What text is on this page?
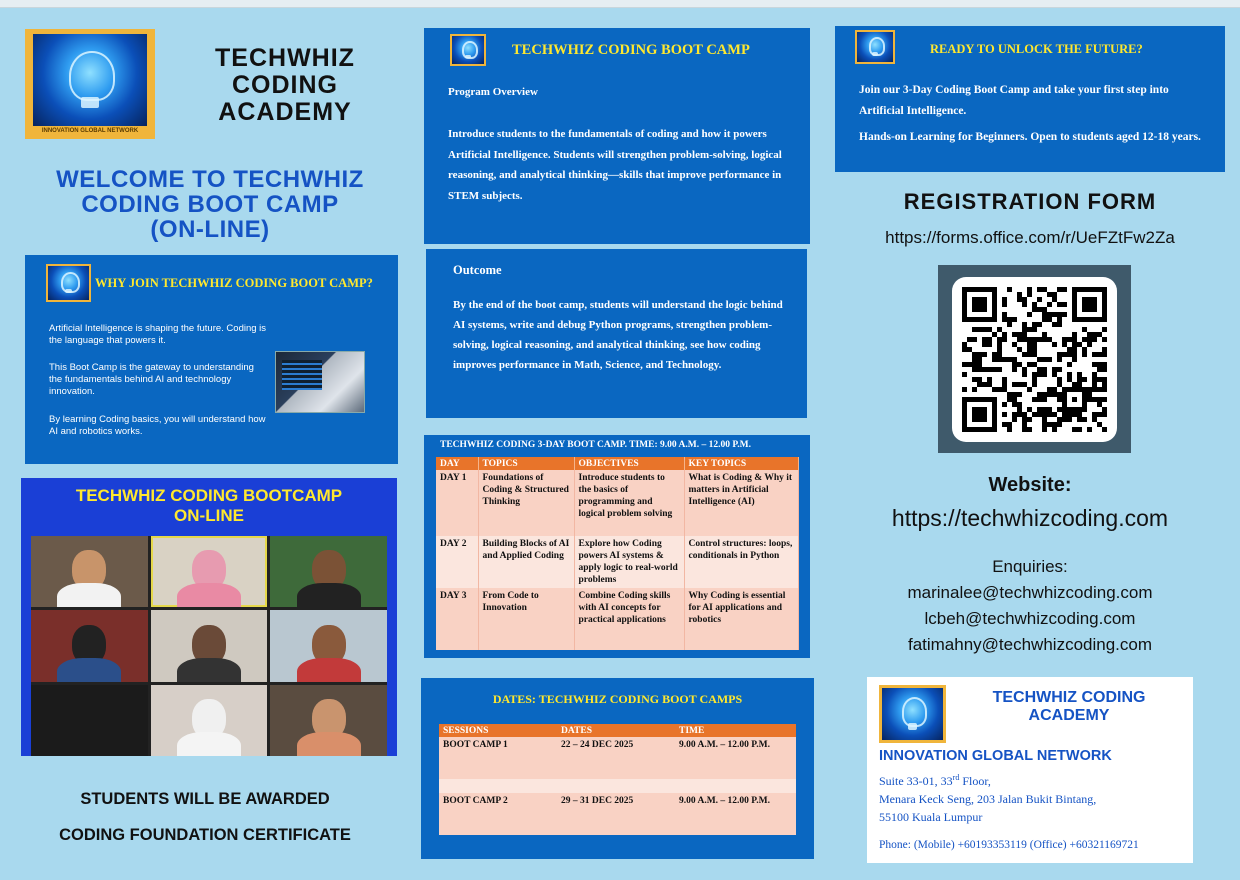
INNOVATION GLOBAL NETWORK
TECHWHIZ
CODING
ACADEMY
WELCOME TO TECHWHIZ
CODING BOOT CAMP
(ON-LINE)
WHY JOIN TECHWHIZ CODING BOOT CAMP?
Artificial Intelligence is shaping the future. Coding is the language that powers it.
This Boot Camp is the gateway to understanding the fundamentals behind AI and technology innovation.
By learning Coding basics, you will understand how AI and robotics works.
TECHWHIZ CODING BOOTCAMP
ON-LINE
STUDENTS WILL BE AWARDED
CODING FOUNDATION CERTIFICATE
TECHWHIZ CODING BOOT CAMP
Program Overview
Introduce students to the fundamentals of coding and how it powers Artificial Intelligence. Students will strengthen problem-solving, logical reasoning, and analytical thinking—skills that improve performance in STEM subjects.
Outcome
By the end of the boot camp, students will understand the logic behind AI systems, write and debug Python programs, strengthen problem-solving, logical reasoning, and analytical thinking, see how coding improves performance in Math, Science, and Technology.
TECHWHIZ CODING 3-DAY BOOT CAMP. TIME: 9.00 A.M. – 12.00 P.M.
DAY	TOPICS	OBJECTIVES	KEY TOPICS
DAY 1	Foundations of Coding & Structured Thinking	Introduce students to the basics of programming and logical problem solving	What is Coding & Why it matters in Artificial Intelligence (AI)
DAY 2	Building Blocks of AI and Applied Coding	Explore how Coding powers AI systems & apply logic to real-world problems	Control structures: loops, conditionals in Python
DAY 3	From Code to Innovation	Combine Coding skills with AI concepts for practical applications	Why Coding is essential for AI applications and robotics
DATES: TECHWHIZ CODING BOOT CAMPS
SESSIONS	DATES	TIME
BOOT CAMP 1	22 – 24 DEC 2025	9.00 A.M. – 12.00 P.M.

BOOT CAMP 2	29 – 31 DEC 2025	9.00 A.M. – 12.00 P.M.
READY TO UNLOCK THE FUTURE?
Join our 3-Day Coding Boot Camp and take your first step into Artificial Intelligence.
Hands-on Learning for Beginners. Open to students aged 12-18 years.
REGISTRATION FORM
https://forms.office.com/r/UeFZtFw2Za
Website:
https://techwhizcoding.com
Enquiries:
marinalee@techwhizcoding.com
lcbeh@techwhizcoding.com
fatimahny@techwhizcoding.com
TECHWHIZ CODING
ACADEMY
INNOVATION GLOBAL NETWORK
Suite 33-01, 33rd Floor,
Menara Keck Seng, 203 Jalan Bukit Bintang,
55100 Kuala Lumpur
Phone: (Mobile) +60193353119 (Office) +60321169721
